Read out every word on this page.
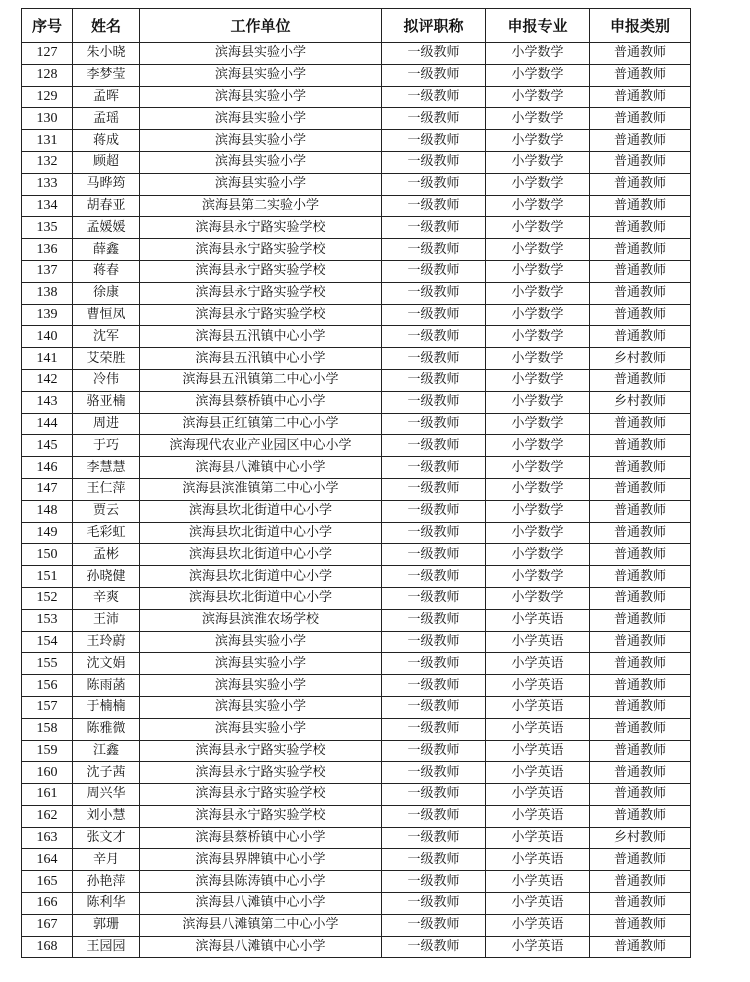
序号	姓名	工作单位	拟评职称	申报专业	申报类别
127	朱小晓	滨海县实验小学	一级教师	小学数学	普通教师
128	李梦莹	滨海县实验小学	一级教师	小学数学	普通教师
129	孟晖	滨海县实验小学	一级教师	小学数学	普通教师
130	孟瑶	滨海县实验小学	一级教师	小学数学	普通教师
131	蒋成	滨海县实验小学	一级教师	小学数学	普通教师
132	顾超	滨海县实验小学	一级教师	小学数学	普通教师
133	马晔筠	滨海县实验小学	一级教师	小学数学	普通教师
134	胡春亚	滨海县第二实验小学	一级教师	小学数学	普通教师
135	孟媛媛	滨海县永宁路实验学校	一级教师	小学数学	普通教师
136	薛鑫	滨海县永宁路实验学校	一级教师	小学数学	普通教师
137	蒋春	滨海县永宁路实验学校	一级教师	小学数学	普通教师
138	徐康	滨海县永宁路实验学校	一级教师	小学数学	普通教师
139	曹恒凤	滨海县永宁路实验学校	一级教师	小学数学	普通教师
140	沈军	滨海县五汛镇中心小学	一级教师	小学数学	普通教师
141	艾荣胜	滨海县五汛镇中心小学	一级教师	小学数学	乡村教师
142	冷伟	滨海县五汛镇第二中心小学	一级教师	小学数学	普通教师
143	骆亚楠	滨海县蔡桥镇中心小学	一级教师	小学数学	乡村教师
144	周进	滨海县正红镇第二中心小学	一级教师	小学数学	普通教师
145	于巧	滨海现代农业产业园区中心小学	一级教师	小学数学	普通教师
146	李慧慧	滨海县八滩镇中心小学	一级教师	小学数学	普通教师
147	王仁萍	滨海县滨淮镇第二中心小学	一级教师	小学数学	普通教师
148	贾云	滨海县坎北街道中心小学	一级教师	小学数学	普通教师
149	毛彩虹	滨海县坎北街道中心小学	一级教师	小学数学	普通教师
150	孟彬	滨海县坎北街道中心小学	一级教师	小学数学	普通教师
151	孙晓健	滨海县坎北街道中心小学	一级教师	小学数学	普通教师
152	辛爽	滨海县坎北街道中心小学	一级教师	小学数学	普通教师
153	王沛	滨海县滨淮农场学校	一级教师	小学英语	普通教师
154	王玲蔚	滨海县实验小学	一级教师	小学英语	普通教师
155	沈文娟	滨海县实验小学	一级教师	小学英语	普通教师
156	陈雨菡	滨海县实验小学	一级教师	小学英语	普通教师
157	于楠楠	滨海县实验小学	一级教师	小学英语	普通教师
158	陈雅微	滨海县实验小学	一级教师	小学英语	普通教师
159	江鑫	滨海县永宁路实验学校	一级教师	小学英语	普通教师
160	沈子茜	滨海县永宁路实验学校	一级教师	小学英语	普通教师
161	周兴华	滨海县永宁路实验学校	一级教师	小学英语	普通教师
162	刘小慧	滨海县永宁路实验学校	一级教师	小学英语	普通教师
163	张文才	滨海县蔡桥镇中心小学	一级教师	小学英语	乡村教师
164	辛月	滨海县界牌镇中心小学	一级教师	小学英语	普通教师
165	孙艳萍	滨海县陈涛镇中心小学	一级教师	小学英语	普通教师
166	陈利华	滨海县八滩镇中心小学	一级教师	小学英语	普通教师
167	郭珊	滨海县八滩镇第二中心小学	一级教师	小学英语	普通教师
168	王园园	滨海县八滩镇中心小学	一级教师	小学英语	普通教师
